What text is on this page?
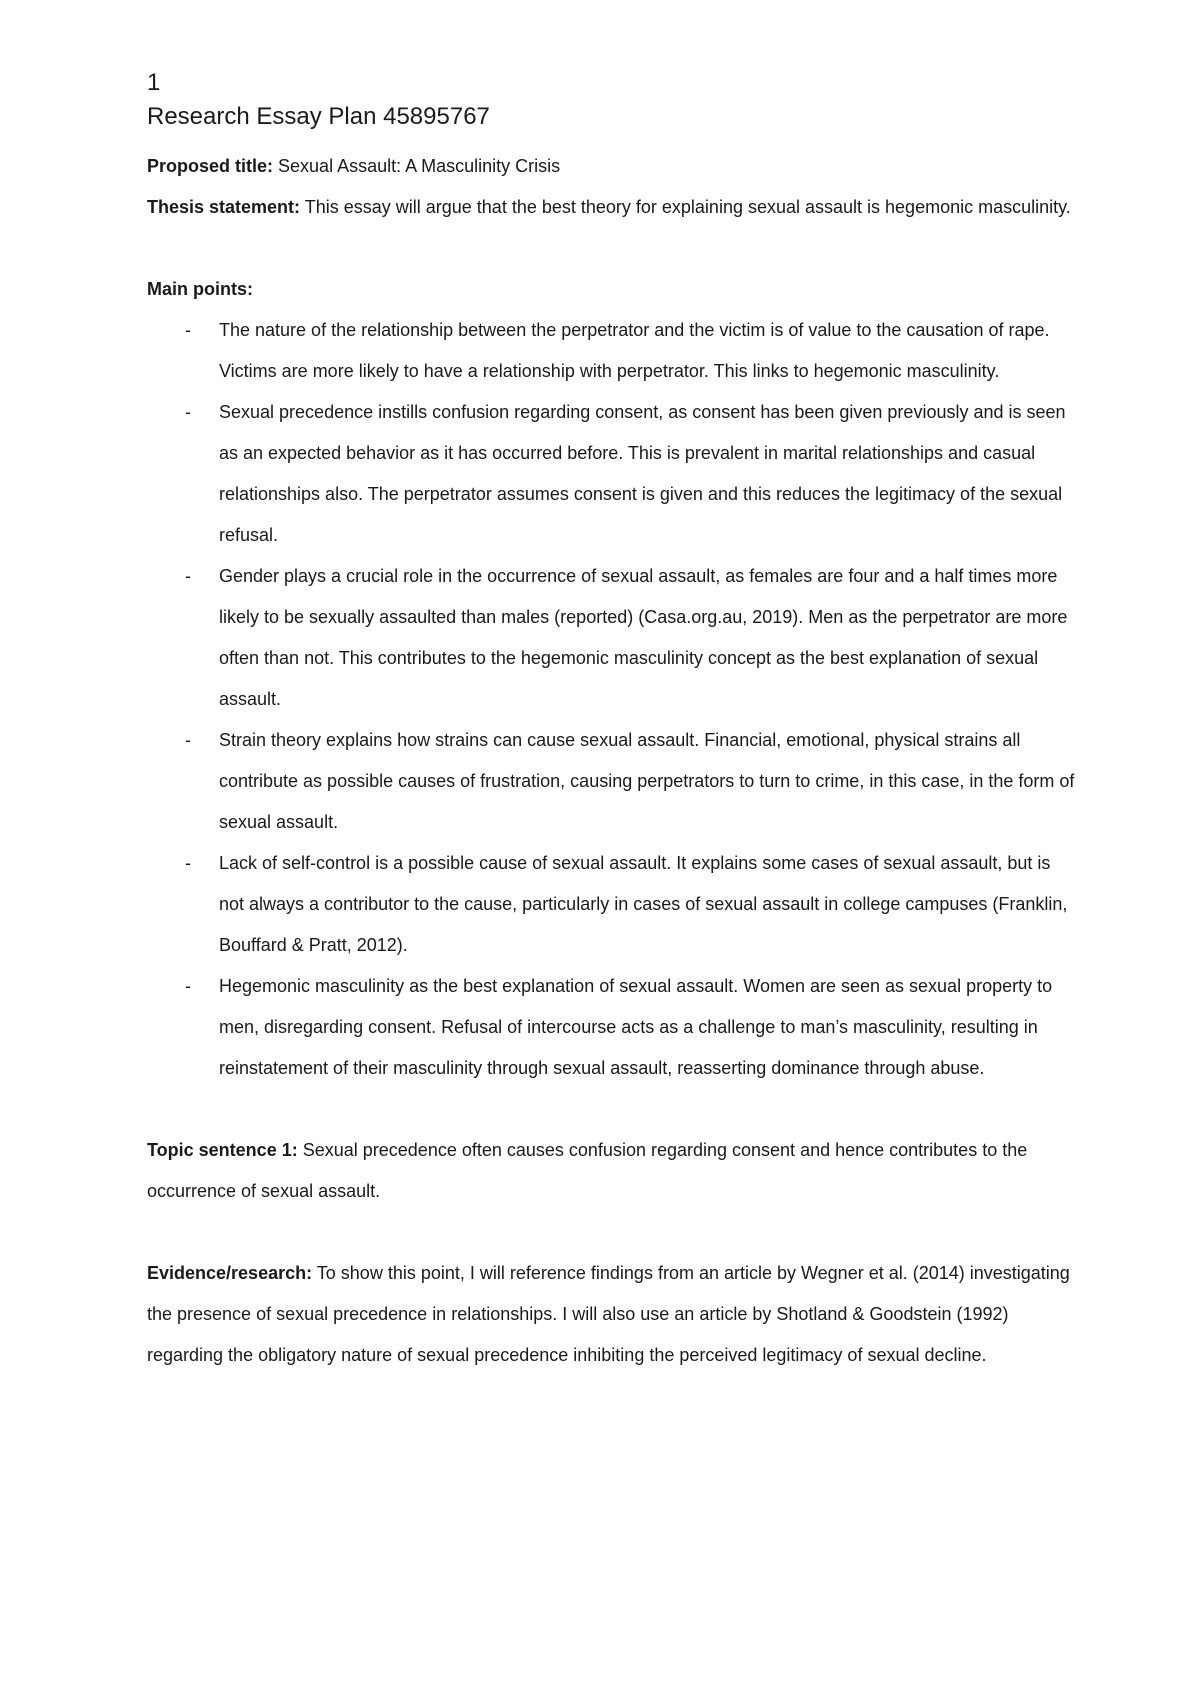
1

Research Essay Plan 45895767

Proposed title: Sexual Assault: A Masculinity Crisis

Thesis statement: This essay will argue that the best theory for explaining sexual assault is hegemonic masculinity.

Main points:

- The nature of the relationship between the perpetrator and the victim is of value to the causation of rape. Victims are more likely to have a relationship with perpetrator. This links to hegemonic masculinity.
- Sexual precedence instills confusion regarding consent, as consent has been given previously and is seen as an expected behavior as it has occurred before. This is prevalent in marital relationships and casual relationships also. The perpetrator assumes consent is given and this reduces the legitimacy of the sexual refusal.
- Gender plays a crucial role in the occurrence of sexual assault, as females are four and a half times more likely to be sexually assaulted than males (reported) (Casa.org.au, 2019). Men as the perpetrator are more often than not. This contributes to the hegemonic masculinity concept as the best explanation of sexual assault.
- Strain theory explains how strains can cause sexual assault. Financial, emotional, physical strains all contribute as possible causes of frustration, causing perpetrators to turn to crime, in this case, in the form of sexual assault.
- Lack of self-control is a possible cause of sexual assault. It explains some cases of sexual assault, but is not always a contributor to the cause, particularly in cases of sexual assault in college campuses (Franklin, Bouffard & Pratt, 2012).
- Hegemonic masculinity as the best explanation of sexual assault. Women are seen as sexual property to men, disregarding consent. Refusal of intercourse acts as a challenge to man’s masculinity, resulting in reinstatement of their masculinity through sexual assault, reasserting dominance through abuse.

Topic sentence 1: Sexual precedence often causes confusion regarding consent and hence contributes to the occurrence of sexual assault.

Evidence/research: To show this point, I will reference findings from an article by Wegner et al. (2014) investigating the presence of sexual precedence in relationships. I will also use an article by Shotland & Goodstein (1992) regarding the obligatory nature of sexual precedence inhibiting the perceived legitimacy of sexual decline.
